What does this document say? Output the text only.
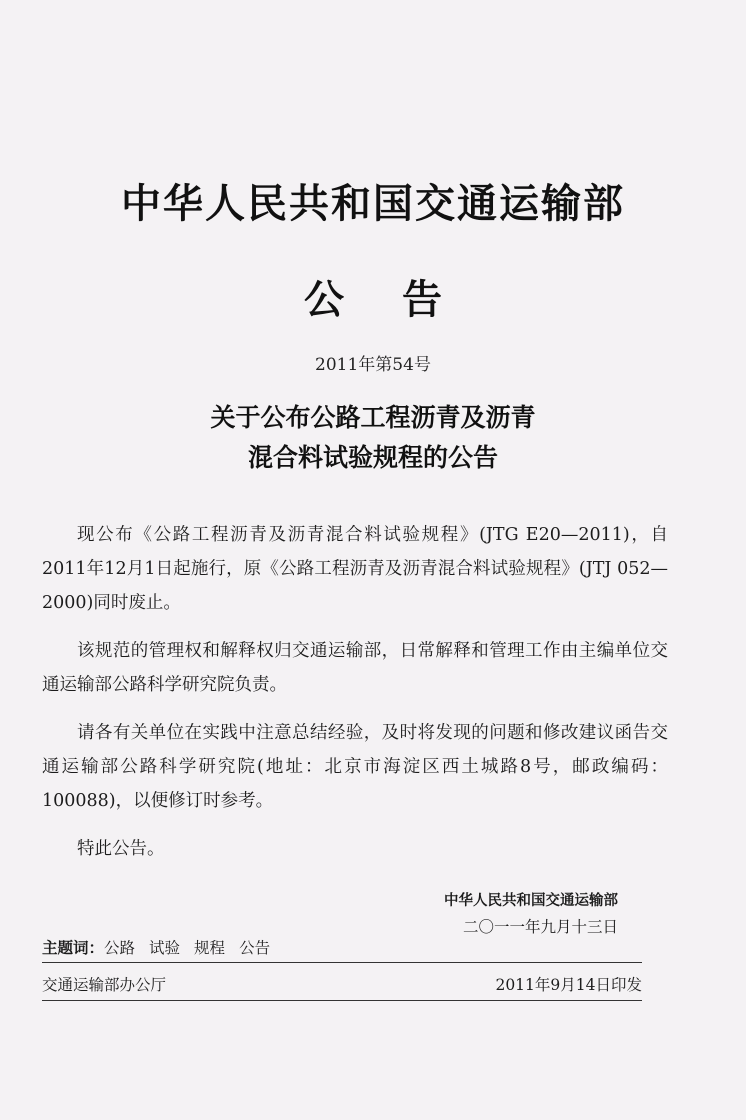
中华人民共和国交通运输部
公告
2011年第54号
关于公布公路工程沥青及沥青
混合料试验规程的公告

现公布《公路工程沥青及沥青混合料试验规程》(JTG E20—2011)，自2011年12月1日起施行，原《公路工程沥青及沥青混合料试验规程》(JTJ 052—2000)同时废止。

该规范的管理权和解释权归交通运输部，日常解释和管理工作由主编单位交通运输部公路科学研究院负责。

请各有关单位在实践中注意总结经验，及时将发现的问题和修改建议函告交通运输部公路科学研究院(地址：北京市海淀区西土城路8号，邮政编码：100088)，以便修订时参考。

特此公告。

中华人民共和国交通运输部
二〇一一年九月十三日
主题词：公路 试验 规程 公告
交通运输部办公厅	2011年9月14日印发
